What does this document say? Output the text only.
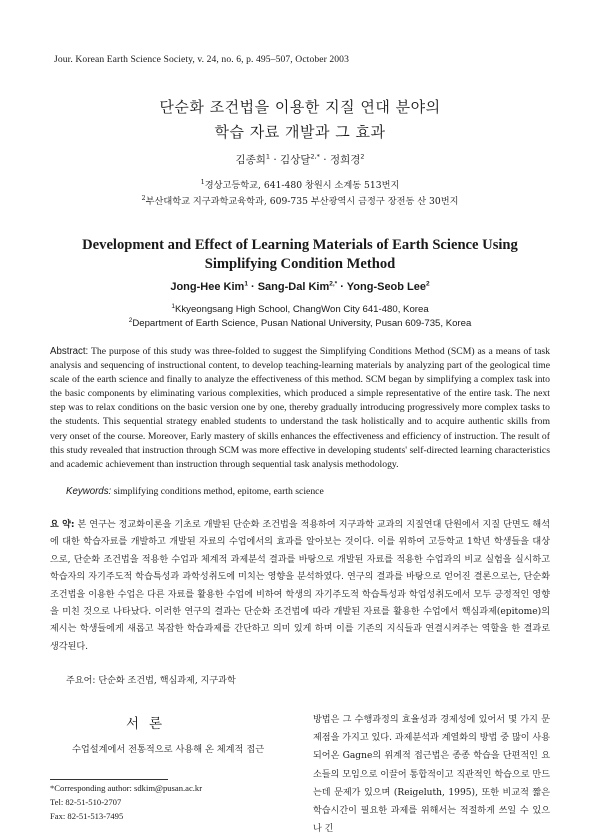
Jour. Korean Earth Science Society, v. 24, no. 6, p. 495–507, October 2003
단순화 조건법을 이용한 지질 연대 분야의
학습 자료 개발과 그 효과
김종희$^1$ · 김상달$^{2,*}$ · 정희경$^2$
$^1$경상고등학교, 641-480 창원시 소계동 513번지
$^2$부산대학교 지구과학교육학과, 609-735 부산광역시 금정구 장전동 산 30번지
Development and Effect of Learning Materials of Earth Science Using
Simplifying Condition Method
Jong-Hee Kim$^1$ · Sang-Dal Kim$^{2,*}$ · Yong-Seob Lee$^2$
$^1$Kkyeongsang High School, ChangWon City 641-480, Korea
$^2$Department of Earth Science, Pusan National University, Pusan 609-735, Korea

Abstract: The purpose of this study was three-folded to suggest the Simplifying Conditions Method (SCM) as a means of task analysis and sequencing of instructional content, to develop teaching-learning materials by analyzing part of the geological time scale of the earth science and finally to analyze the effectiveness of this method. SCM began by simplifying a complex task into the basic components by eliminating various complexities, which produced a simple representative of the entire task. The next step was to relax conditions on the basic version one by one, thereby gradually introducing progressively more complex tasks to the students. This sequential strategy enabled students to understand the task holistically and to acquire authentic skills from very onset of the course. Moreover, Early mastery of skills enhances the effectiveness and efficiency of instruction. The result of this study revealed that instruction through SCM was more effective in developing students' self-directed learning characteristics and academic achievement than instruction through sequential task analysis methodology.

Keywords: simplifying conditions method, epitome, earth science

요 약: 본 연구는 정교화이론을 기초로 개발된 단순화 조건법을 적용하여 지구과학 교과의 지질연대 단원에서 지질 단면도 해석에 대한 학습자료를 개발하고 개발된 자료의 수업에서의 효과를 알아보는 것이다. 이를 위하여 고등학교 1학년 학생들을 대상으로, 단순화 조건법을 적용한 수업과 체계적 과제분석 결과를 바탕으로 개발된 자료를 적용한 수업과의 비교 실험을 실시하고 학습자의 자기주도적 학습특성과 과학성취도에 미치는 영향을 분석하였다. 연구의 결과를 바탕으로 얻어진 결론으로는, 단순화 조건법을 이용한 수업은 다른 자료를 활용한 수업에 비하여 학생의 자기주도적 학습특성과 학업성취도에서 모두 긍정적인 영향을 미친 것으로 나타났다. 이러한 연구의 결과는 단순화 조건법에 따라 개발된 자료를 활용한 수업에서 핵심과제(epitome)의 제시는 학생들에게 새롭고 복잡한 학습과제를 간단하고 의미 있게 하며 이를 기존의 지식들과 연결시켜주는 역할을 한 결과로 생각된다.

주요어: 단순화 조건법, 핵심과제, 지구과학
서론

수업설계에서 전통적으로 사용해 온 체계적 접근

*Corresponding author: sdkim@pusan.ac.kr
Tel: 82-51-510-2707
Fax: 82-51-513-7495

방법은 그 수행과정의 효율성과 경제성에 있어서 몇 가지 문제점을 가지고 있다. 과제분석과 계열화의 방법 중 많이 사용되어온 Gagne의 위계적 접근법은 종종 학습을 단편적인 요소들의 모임으로 이끌어 통합적이고 직관적인 학습으로 만드는데 문제가 있으며 (Reigeluth, 1995), 또한 비교적 짧은 학습시간이 필요한 과제를 위해서는 적절하게 쓰일 수 있으나 긴
